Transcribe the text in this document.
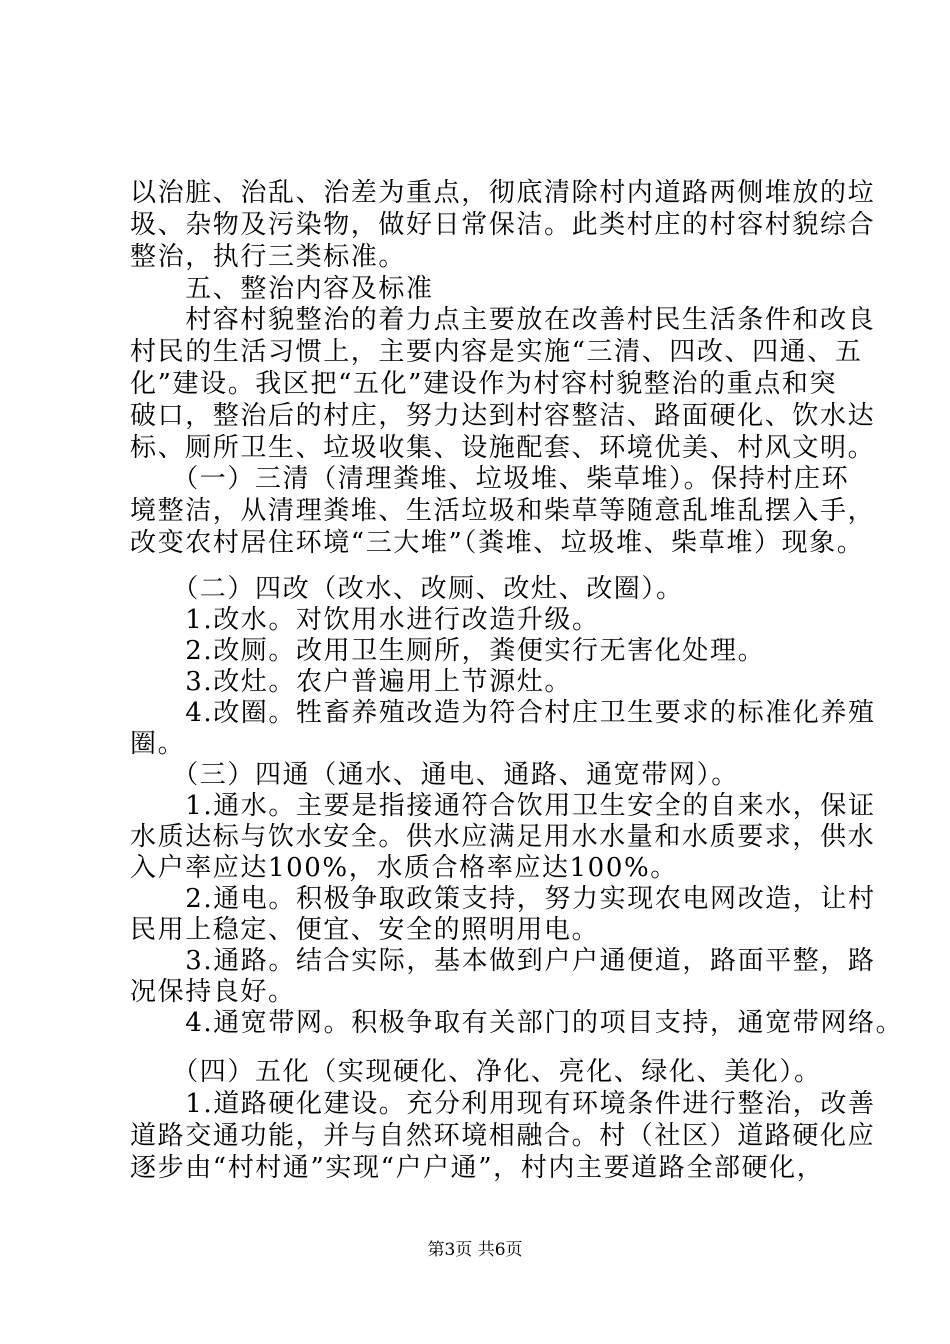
以治脏、治乱、治差为重点，彻底清除村内道路两侧堆放的垃
圾、杂物及污染物，做好日常保洁。此类村庄的村容村貌综合
整治，执行三类标准。
　　五、整治内容及标准
　　村容村貌整治的着力点主要放在改善村民生活条件和改良
村民的生活习惯上，主要内容是实施“三清、四改、四通、五
化”建设。我区把“五化”建设作为村容村貌整治的重点和突
破口，整治后的村庄，努力达到村容整洁、路面硬化、饮水达
标、厕所卫生、垃圾收集、设施配套、环境优美、村风文明。
　　（一）三清（清理粪堆、垃圾堆、柴草堆）。保持村庄环
境整洁，从清理粪堆、生活垃圾和柴草等随意乱堆乱摆入手，
改变农村居住环境“三大堆”（粪堆、垃圾堆、柴草堆）现象。
　　（二）四改（改水、改厕、改灶、改圈）。
　　1.改水。对饮用水进行改造升级。
　　2.改厕。改用卫生厕所，粪便实行无害化处理。
　　3.改灶。农户普遍用上节源灶。
　　4.改圈。牲畜养殖改造为符合村庄卫生要求的标准化养殖
圈。
　　（三）四通（通水、通电、通路、通宽带网）。
　　1.通水。主要是指接通符合饮用卫生安全的自来水，保证
水质达标与饮水安全。供水应满足用水水量和水质要求，供水
入户率应达100%，水质合格率应达100%。
　　2.通电。积极争取政策支持，努力实现农电网改造，让村
民用上稳定、便宜、安全的照明用电。
　　3.通路。结合实际，基本做到户户通便道，路面平整，路
况保持良好。
　　4.通宽带网。积极争取有关部门的项目支持，通宽带网络。
　　（四）五化（实现硬化、净化、亮化、绿化、美化）。
　　1.道路硬化建设。充分利用现有环境条件进行整治，改善
道路交通功能，并与自然环境相融合。村（社区）道路硬化应
逐步由“村村通”实现“户户通”，村内主要道路全部硬化，
第3页 共6页
